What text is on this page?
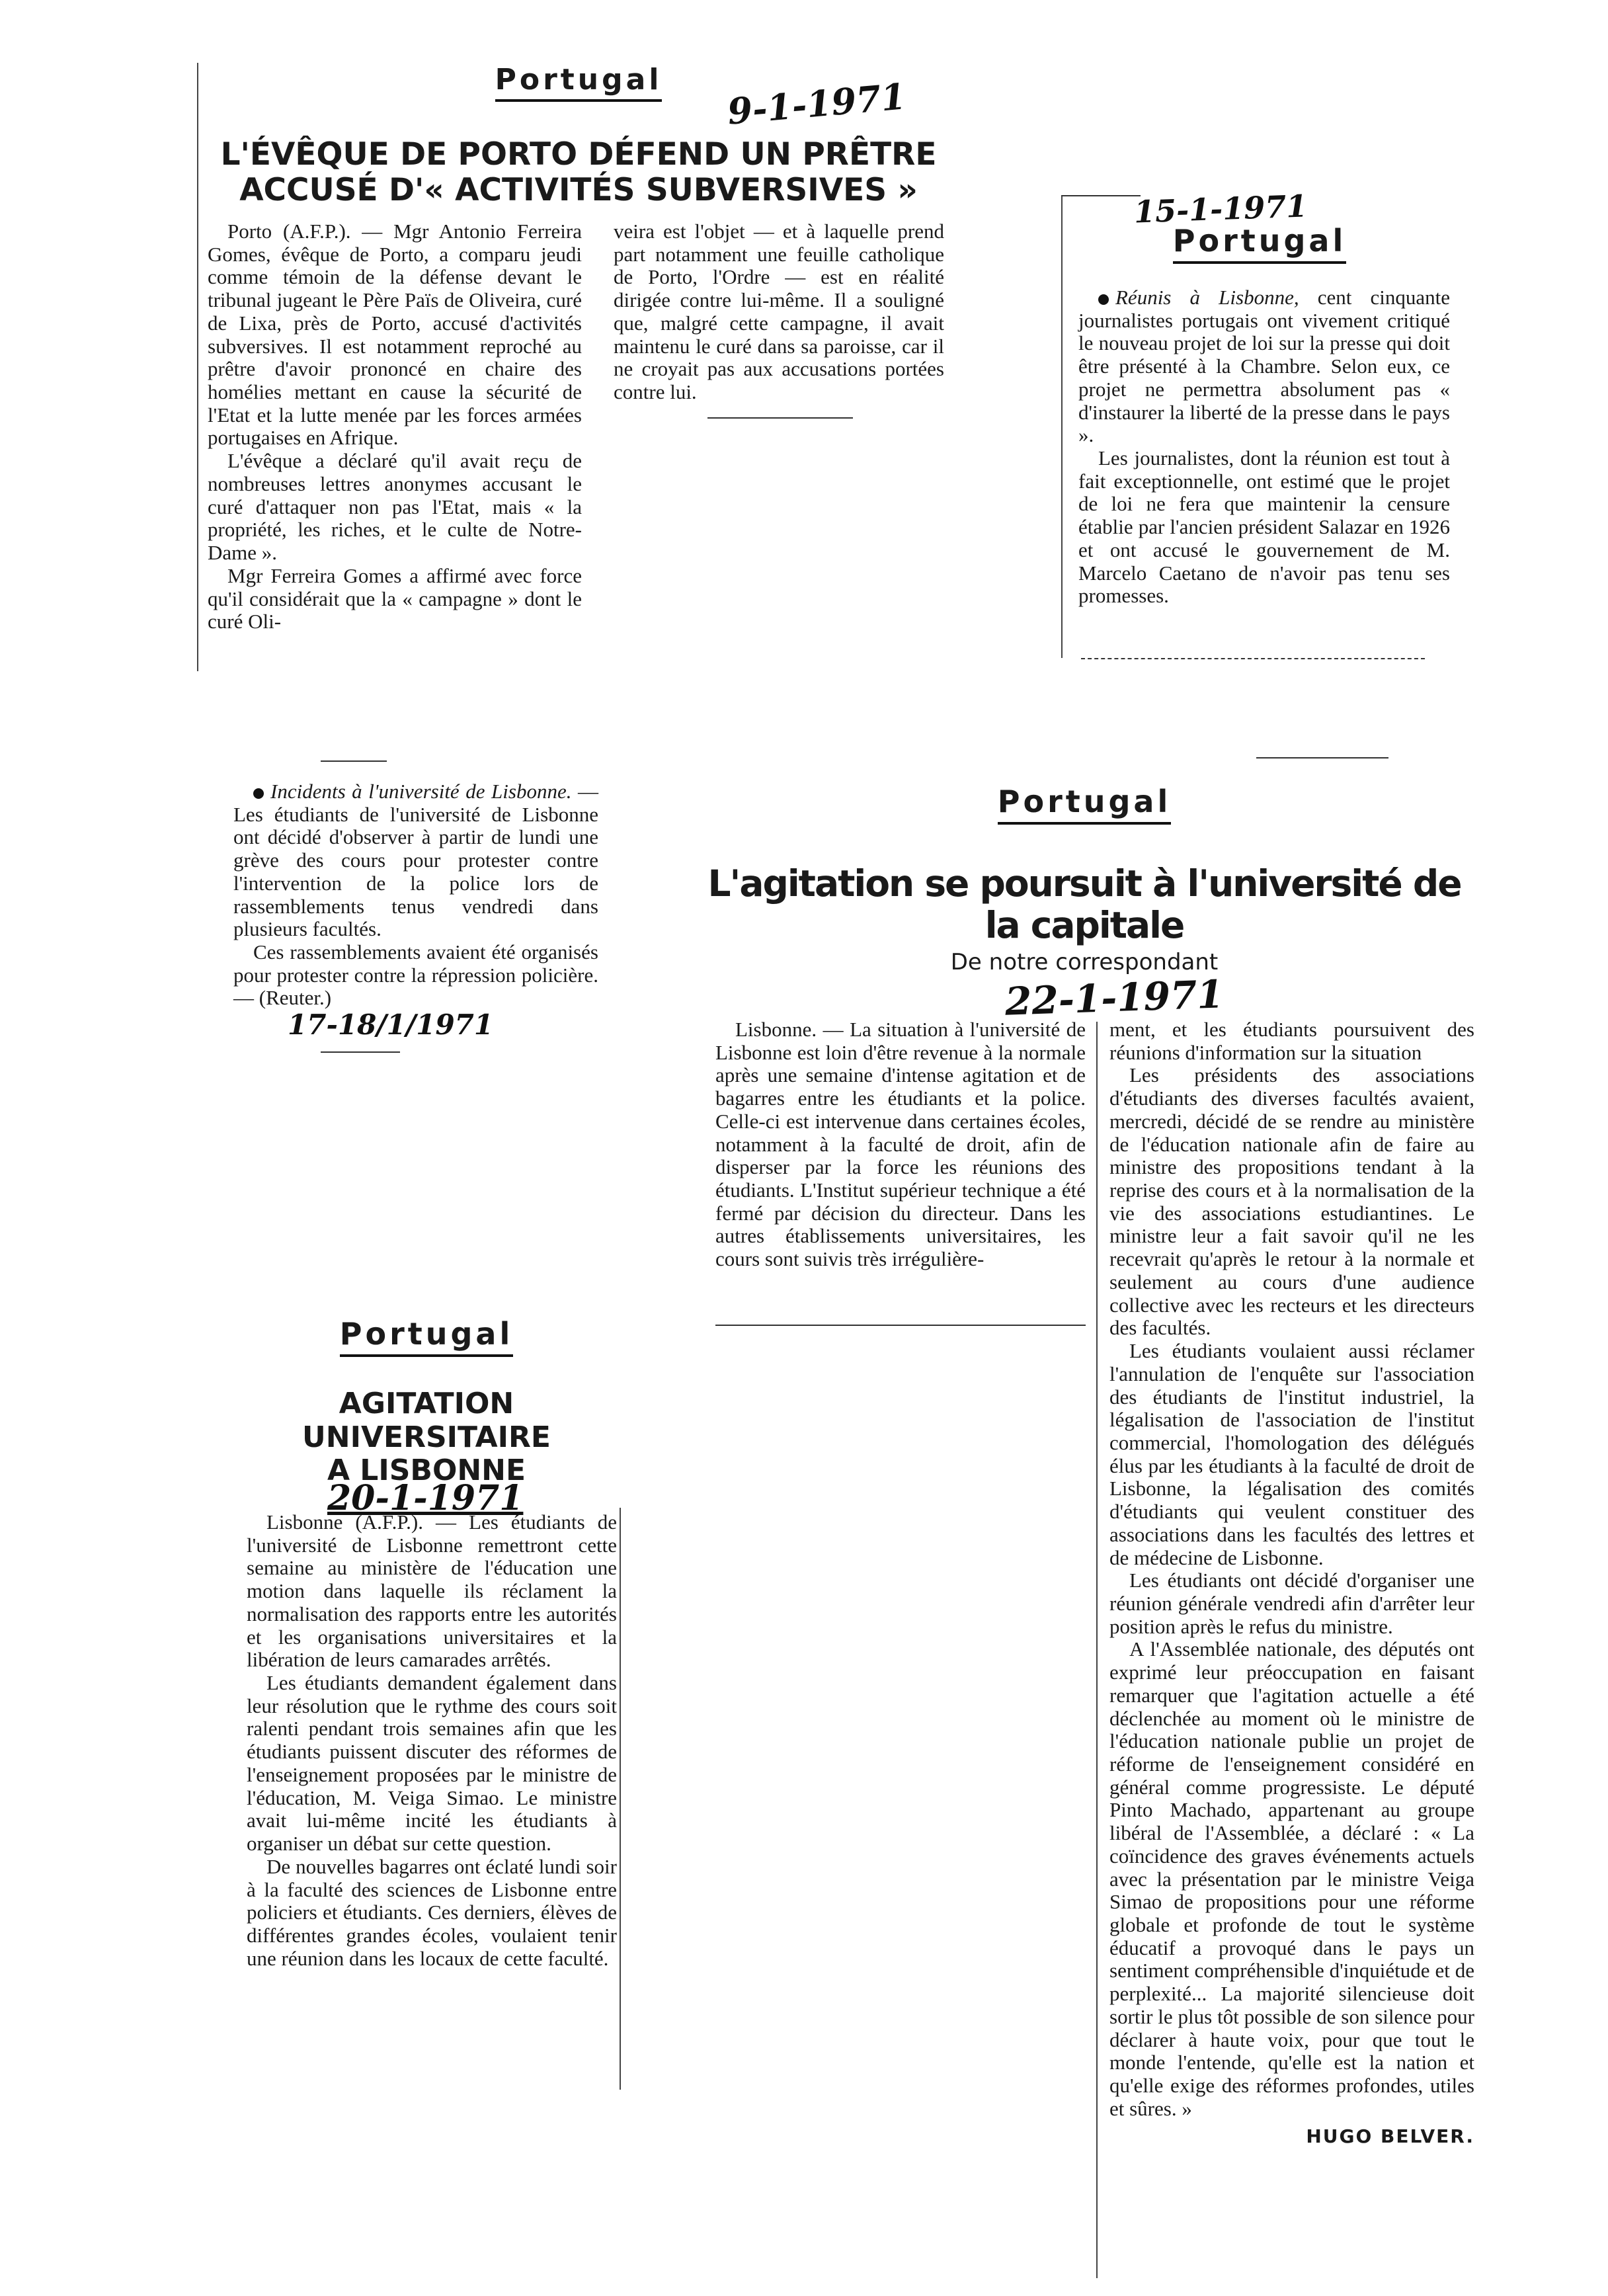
Portugal	9-1-1971
L'ÉVÊQUE DE PORTO DÉFEND UN PRÊTRE
ACCUSÉ D'« ACTIVITÉS SUBVERSIVES »

Porto (A.F.P.). — Mgr Antonio Ferreira Gomes, évêque de Porto, a comparu jeudi comme témoin de la défense devant le tribunal jugeant le Père Païs de Oliveira, curé de Lixa, près de Porto, accusé d'activités subversives. Il est notamment reproché au prêtre d'avoir prononcé en chaire des homélies mettant en cause la sécurité de l'Etat et la lutte menée par les forces armées portugaises en Afrique.

L'évêque a déclaré qu'il avait reçu de nombreuses lettres anonymes accusant le curé d'attaquer non pas l'Etat, mais « la propriété, les riches, et le culte de Notre-Dame ».

Mgr Ferreira Gomes a affirmé avec force qu'il considérait que la « campagne » dont le curé Oli-

veira est l'objet — et à laquelle prend part notamment une feuille catholique de Porto, l'Ordre — est en réalité dirigée contre lui-même. Il a souligné que, malgré cette campagne, il avait maintenu le curé dans sa paroisse, car il ne croyait pas aux accusations portées contre lui.

15-1-1971
Portugal

Réunis à Lisbonne, cent cinquante journalistes portugais ont vivement critiqué le nouveau projet de loi sur la presse qui doit être présenté à la Chambre. Selon eux, ce projet ne permettra absolument pas « d'instaurer la liberté de la presse dans le pays ».

Les journalistes, dont la réunion est tout à fait exceptionnelle, ont estimé que le projet de loi ne fera que maintenir la censure établie par l'ancien président Salazar en 1926 et ont accusé le gouvernement de M. Marcelo Caetano de n'avoir pas tenu ses promesses.

Incidents à l'université de Lisbonne. — Les étudiants de l'université de Lisbonne ont décidé d'observer à partir de lundi une grève des cours pour protester contre l'intervention de la police lors de rassemblements tenus vendredi dans plusieurs facultés.

Ces rassemblements avaient été organisés pour protester contre la répression policière. — (Reuter.)

17-18/1/1971
Portugal
L'agitation se poursuit à l'université de la capitale
De notre correspondant
22-1-1971

Lisbonne. — La situation à l'université de Lisbonne est loin d'être revenue à la normale après une semaine d'intense agitation et de bagarres entre les étudiants et la police. Celle-ci est intervenue dans certaines écoles, notamment à la faculté de droit, afin de disperser par la force les réunions des étudiants. L'Institut supérieur technique a été fermé par décision du directeur. Dans les autres établissements universitaires, les cours sont suivis très irrégulière-

ment, et les étudiants poursuivent des réunions d'information sur la situation

Les présidents des associations d'étudiants des diverses facultés avaient, mercredi, décidé de se rendre au ministère de l'éducation nationale afin de faire au ministre des propositions tendant à la reprise des cours et à la normalisation de la vie des associations estudiantines. Le ministre leur a fait savoir qu'il ne les recevrait qu'après le retour à la normale et seulement au cours d'une audience collective avec les recteurs et les directeurs des facultés.

Les étudiants voulaient aussi réclamer l'annulation de l'enquête sur l'association des étudiants de l'institut industriel, la légalisation de l'association de l'institut commercial, l'homologation des délégués élus par les étudiants à la faculté de droit de Lisbonne, la légalisation des comités d'étudiants qui veulent constituer des associations dans les facultés des lettres et de médecine de Lisbonne.

Les étudiants ont décidé d'organiser une réunion générale vendredi afin d'arrêter leur position après le refus du ministre.

A l'Assemblée nationale, des députés ont exprimé leur préoccupation en faisant remarquer que l'agitation actuelle a été déclenchée au moment où le ministre de l'éducation nationale publie un projet de réforme de l'enseignement considéré en général comme progressiste. Le député Pinto Machado, appartenant au groupe libéral de l'Assemblée, a déclaré : « La coïncidence des graves événements actuels avec la présentation par le ministre Veiga Simao de propositions pour une réforme globale et profonde de tout le système éducatif a provoqué dans le pays un sentiment compréhensible d'inquiétude et de perplexité... La majorité silencieuse doit sortir le plus tôt possible de son silence pour déclarer à haute voix, pour que tout le monde l'entende, qu'elle est la nation et qu'elle exige des réformes profondes, utiles et sûres. »

HUGO BELVER.
Portugal
AGITATION UNIVERSITAIRE
A LISBONNE
20-1-1971

Lisbonne (A.F.P.). — Les étudiants de l'université de Lisbonne remettront cette semaine au ministère de l'éducation une motion dans laquelle ils réclament la normalisation des rapports entre les autorités et les organisations universitaires et la libération de leurs camarades arrêtés.

Les étudiants demandent également dans leur résolution que le rythme des cours soit ralenti pendant trois semaines afin que les étudiants puissent discuter des réformes de l'enseignement proposées par le ministre de l'éducation, M. Veiga Simao. Le ministre avait lui-même incité les étudiants à organiser un débat sur cette question.

De nouvelles bagarres ont éclaté lundi soir à la faculté des sciences de Lisbonne entre policiers et étudiants. Ces derniers, élèves de différentes grandes écoles, voulaient tenir une réunion dans les locaux de cette faculté.
